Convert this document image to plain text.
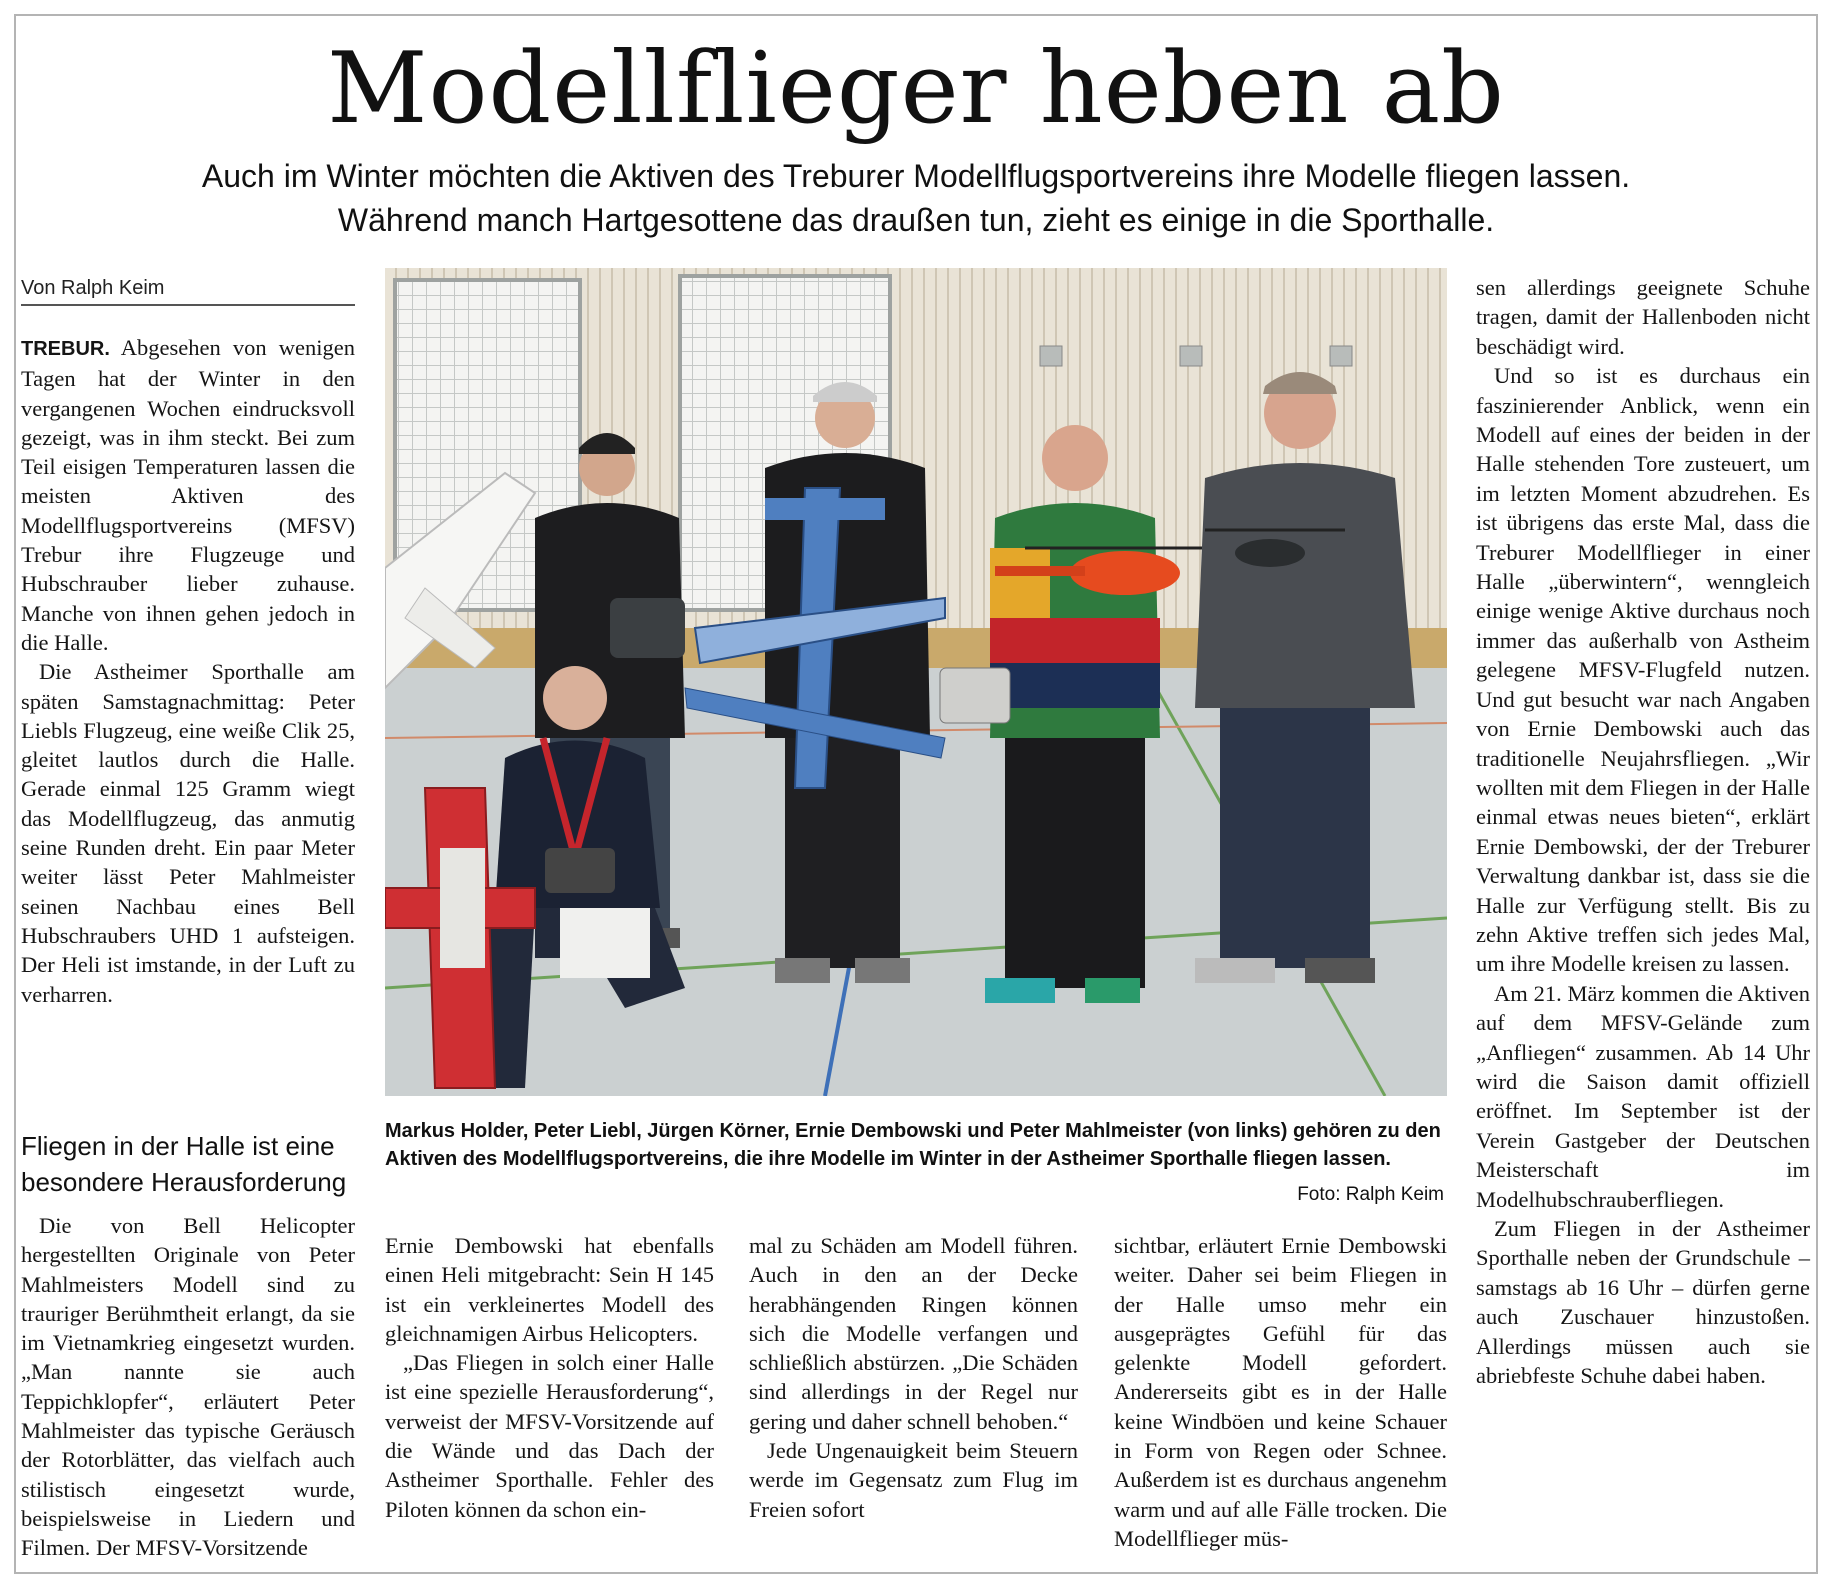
Modellflieger heben ab
Auch im Winter möchten die Aktiven des Treburer Modellflugsportvereins ihre Modelle fliegen lassen.
Während manch Hartgesottene das draußen tun, zieht es einige in die Sporthalle.
Von Ralph Keim

TREBUR. Abgesehen von wenigen Tagen hat der Winter in den vergangenen Wochen eindrucksvoll gezeigt, was in ihm steckt. Bei zum Teil eisigen Temperaturen lassen die meisten Aktiven des Modellflugsportvereins (MFSV) Trebur ihre Flugzeuge und Hubschrauber lieber zuhause. Manche von ihnen gehen jedoch in die Halle.

Die Astheimer Sporthalle am späten Samstagnachmittag: Peter Liebls Flugzeug, eine weiße Clik 25, gleitet lautlos durch die Halle. Gerade einmal 125 Gramm wiegt das Modellflugzeug, das anmutig seine Runden dreht. Ein paar Meter weiter lässt Peter Mahlmeister seinen Nachbau eines Bell Hubschraubers UHD 1 aufsteigen. Der Heli ist imstande, in der Luft zu verharren.

Fliegen in der Halle ist eine besondere Herausforderung

Die von Bell Helicopter hergestellten Originale von Peter Mahlmeisters Modell sind zu trauriger Berühmtheit erlangt, da sie im Vietnamkrieg eingesetzt wurden. „Man nannte sie auch Teppichklopfer“, erläutert Peter Mahlmeister das typische Geräusch der Rotorblätter, das vielfach auch stilistisch eingesetzt wurde, beispielsweise in Liedern und Filmen. Der MFSV-Vorsitzende

Markus Holder, Peter Liebl, Jürgen Körner, Ernie Dembowski und Peter Mahlmeister (von links) gehören zu den Aktiven des Modellflugsportvereins, die ihre Modelle im Winter in der Astheimer Sporthalle fliegen lassen.
Foto: Ralph Keim

Ernie Dembowski hat ebenfalls einen Heli mitgebracht: Sein H 145 ist ein verkleinertes Modell des gleichnamigen Airbus Helicopters.

„Das Fliegen in solch einer Halle ist eine spezielle Herausforderung“, verweist der MFSV-Vorsitzende auf die Wände und das Dach der Astheimer Sporthalle. Fehler des Piloten können da schon ein-

mal zu Schäden am Modell führen. Auch in den an der Decke herabhängenden Ringen können sich die Modelle verfangen und schließlich abstürzen. „Die Schäden sind allerdings in der Regel nur gering und daher schnell behoben.“

Jede Ungenauigkeit beim Steuern werde im Gegensatz zum Flug im Freien sofort

sichtbar, erläutert Ernie Dembowski weiter. Daher sei beim Fliegen in der Halle umso mehr ein ausgeprägtes Gefühl für das gelenkte Modell gefordert. Andererseits gibt es in der Halle keine Windböen und keine Schauer in Form von Regen oder Schnee. Außerdem ist es durchaus angenehm warm und auf alle Fälle trocken. Die Modellflieger müs-

sen allerdings geeignete Schuhe tragen, damit der Hallenboden nicht beschädigt wird.

Und so ist es durchaus ein faszinierender Anblick, wenn ein Modell auf eines der beiden in der Halle stehenden Tore zusteuert, um im letzten Moment abzudrehen. Es ist übrigens das erste Mal, dass die Treburer Modellflieger in einer Halle „überwintern“, wenngleich einige wenige Aktive durchaus noch immer das außerhalb von Astheim gelegene MFSV-Flugfeld nutzen. Und gut besucht war nach Angaben von Ernie Dembowski auch das traditionelle Neujahrsfliegen. „Wir wollten mit dem Fliegen in der Halle einmal etwas neues bieten“, erklärt Ernie Dembowski, der der Treburer Verwaltung dankbar ist, dass sie die Halle zur Verfügung stellt. Bis zu zehn Aktive treffen sich jedes Mal, um ihre Modelle kreisen zu lassen.

Am 21. März kommen die Aktiven auf dem MFSV-Gelände zum „Anfliegen“ zusammen. Ab 14 Uhr wird die Saison damit offiziell eröffnet. Im September ist der Verein Gastgeber der Deutschen Meisterschaft im Modelhubschrauberfliegen.

Zum Fliegen in der Astheimer Sporthalle neben der Grundschule – samstags ab 16 Uhr – dürfen gerne auch Zuschauer hinzustoßen. Allerdings müssen auch sie abriebfeste Schuhe dabei haben.
